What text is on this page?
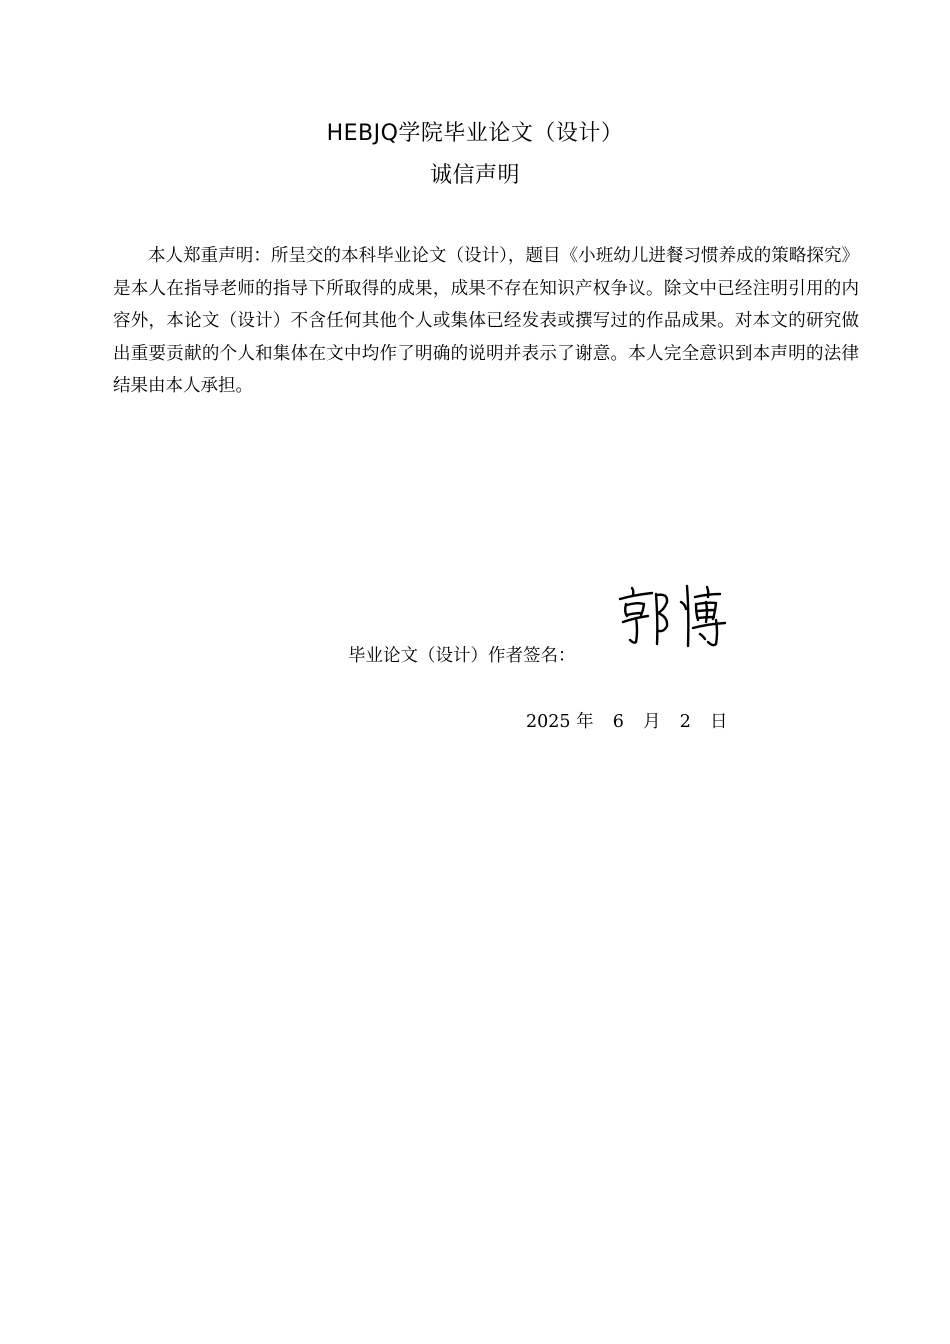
HEBJQ学院毕业论文（设计）
诚信声明

本人郑重声明：所呈交的本科毕业论文（设计），题目《小班幼儿进餐习惯养成的策略探究》是本人在指导老师的指导下所取得的成果，成果不存在知识产权争议。除文中已经注明引用的内容外，本论文（设计）不含任何其他个人或集体已经发表或撰写过的作品成果。对本文的研究做出重要贡献的个人和集体在文中均作了明确的说明并表示了谢意。本人完全意识到本声明的法律结果由本人承担。

毕业论文（设计）作者签名：
2025 年 6 月 2 日
